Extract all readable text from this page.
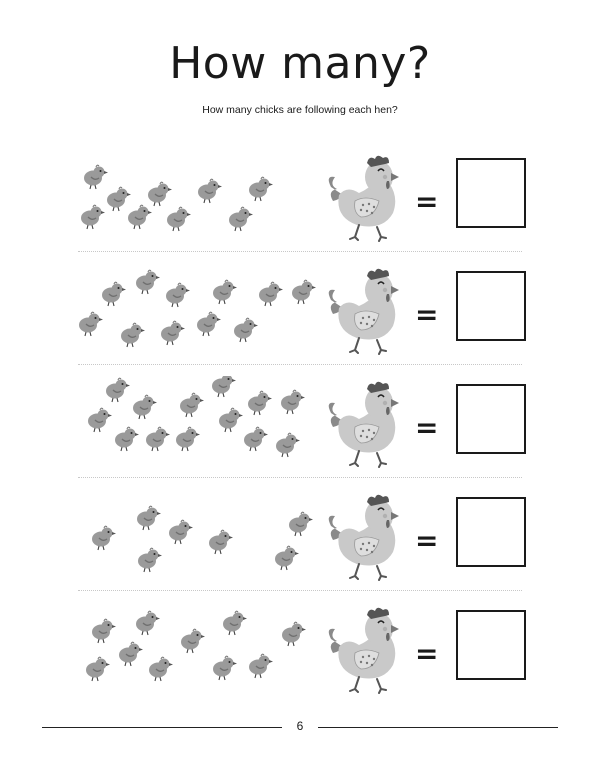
How many?
How many chicks are following each hen?
=
=
=
=
=
6
